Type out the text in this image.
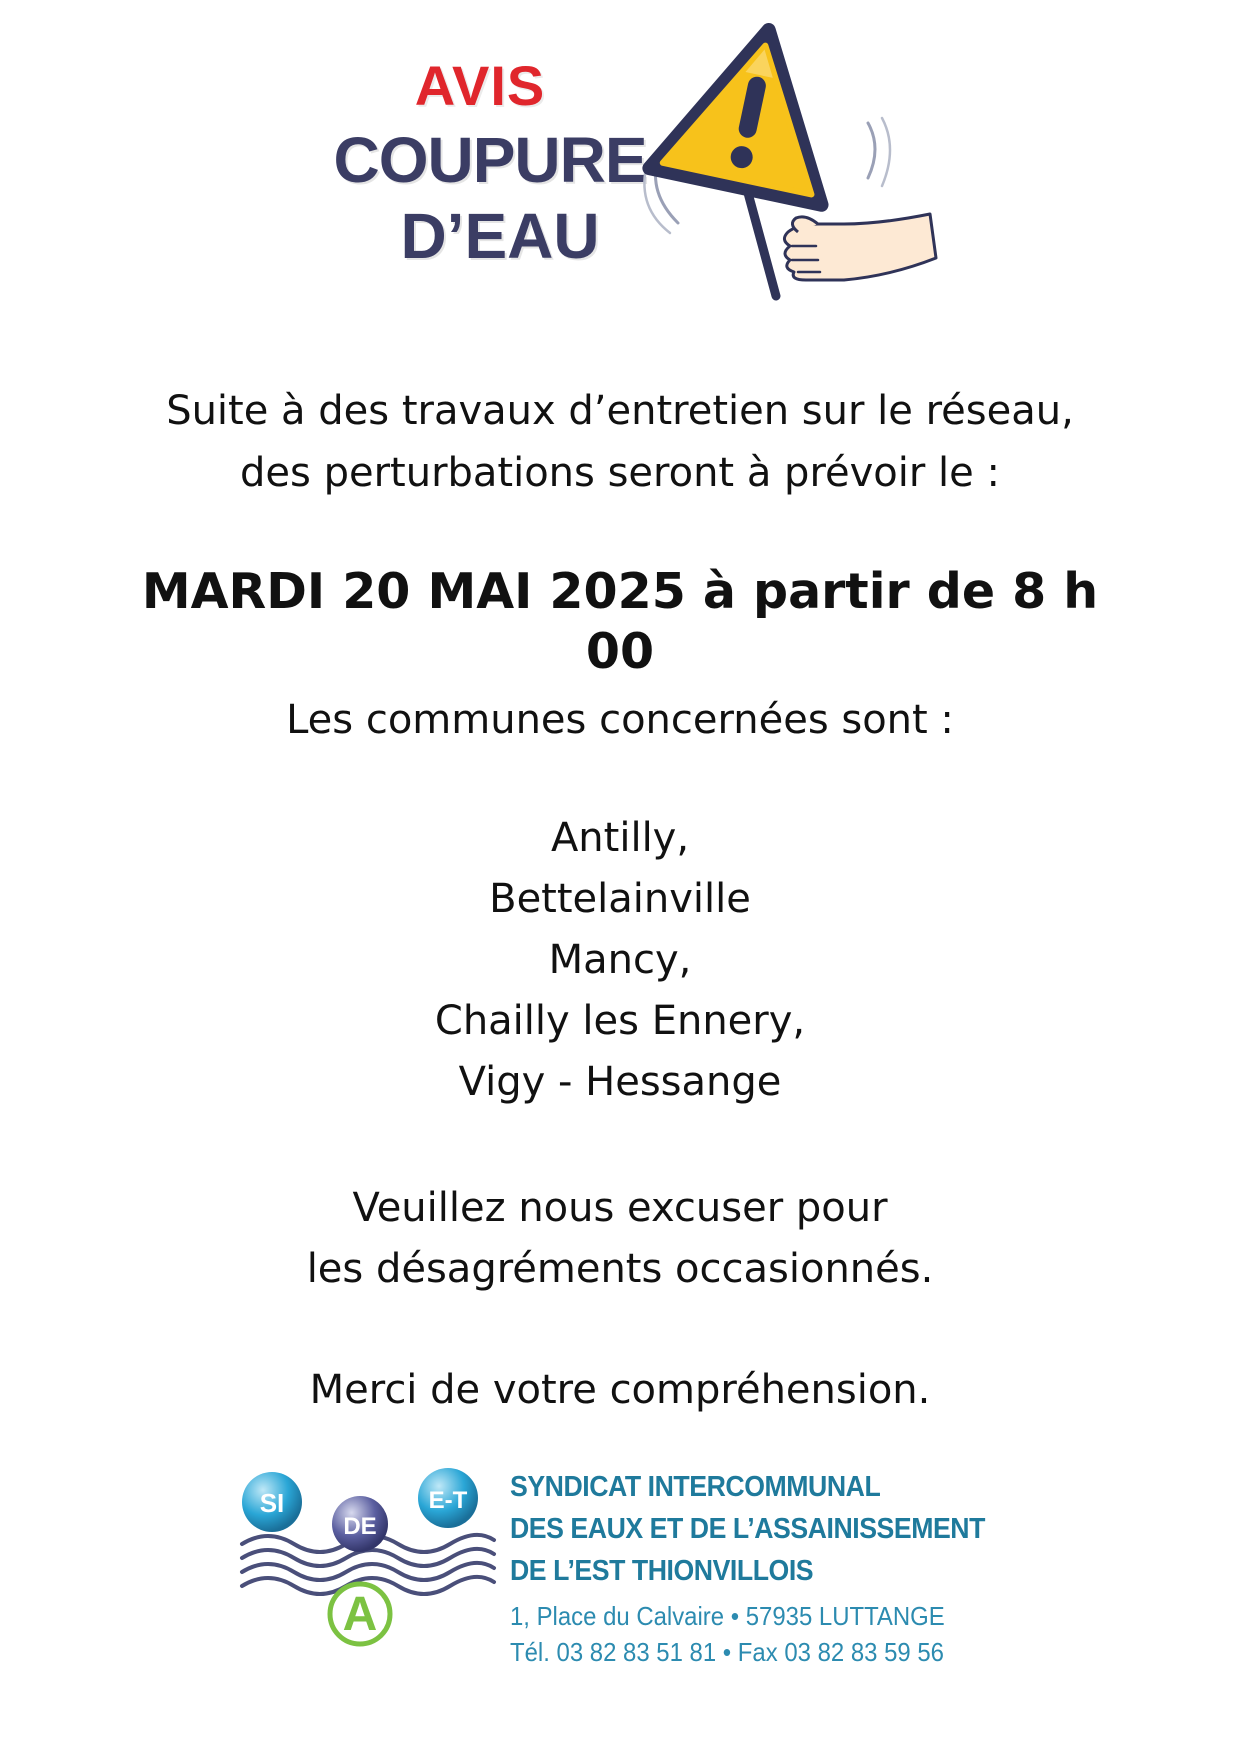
AVIS
COUPURE
D’EAU
Suite à des travaux d’entretien sur le réseau,
des perturbations seront à prévoir le :
MARDI 20 MAI 2025 à partir de 8 h 00
Les communes concernées sont :
Antilly,
Bettelainville
Mancy,
Chailly les Ennery,
Vigy - Hessange
Veuillez nous excuser pour
les désagréments occasionnés.
Merci de votre compréhension.
SI
DE
E-T
A
SYNDICAT INTERCOMMUNAL
DES EAUX ET DE L’ASSAINISSEMENT
DE L’EST THIONVILLOIS
1, Place du Calvaire • 57935 LUTTANGE
Tél. 03 82 83 51 81 • Fax 03 82 83 59 56
